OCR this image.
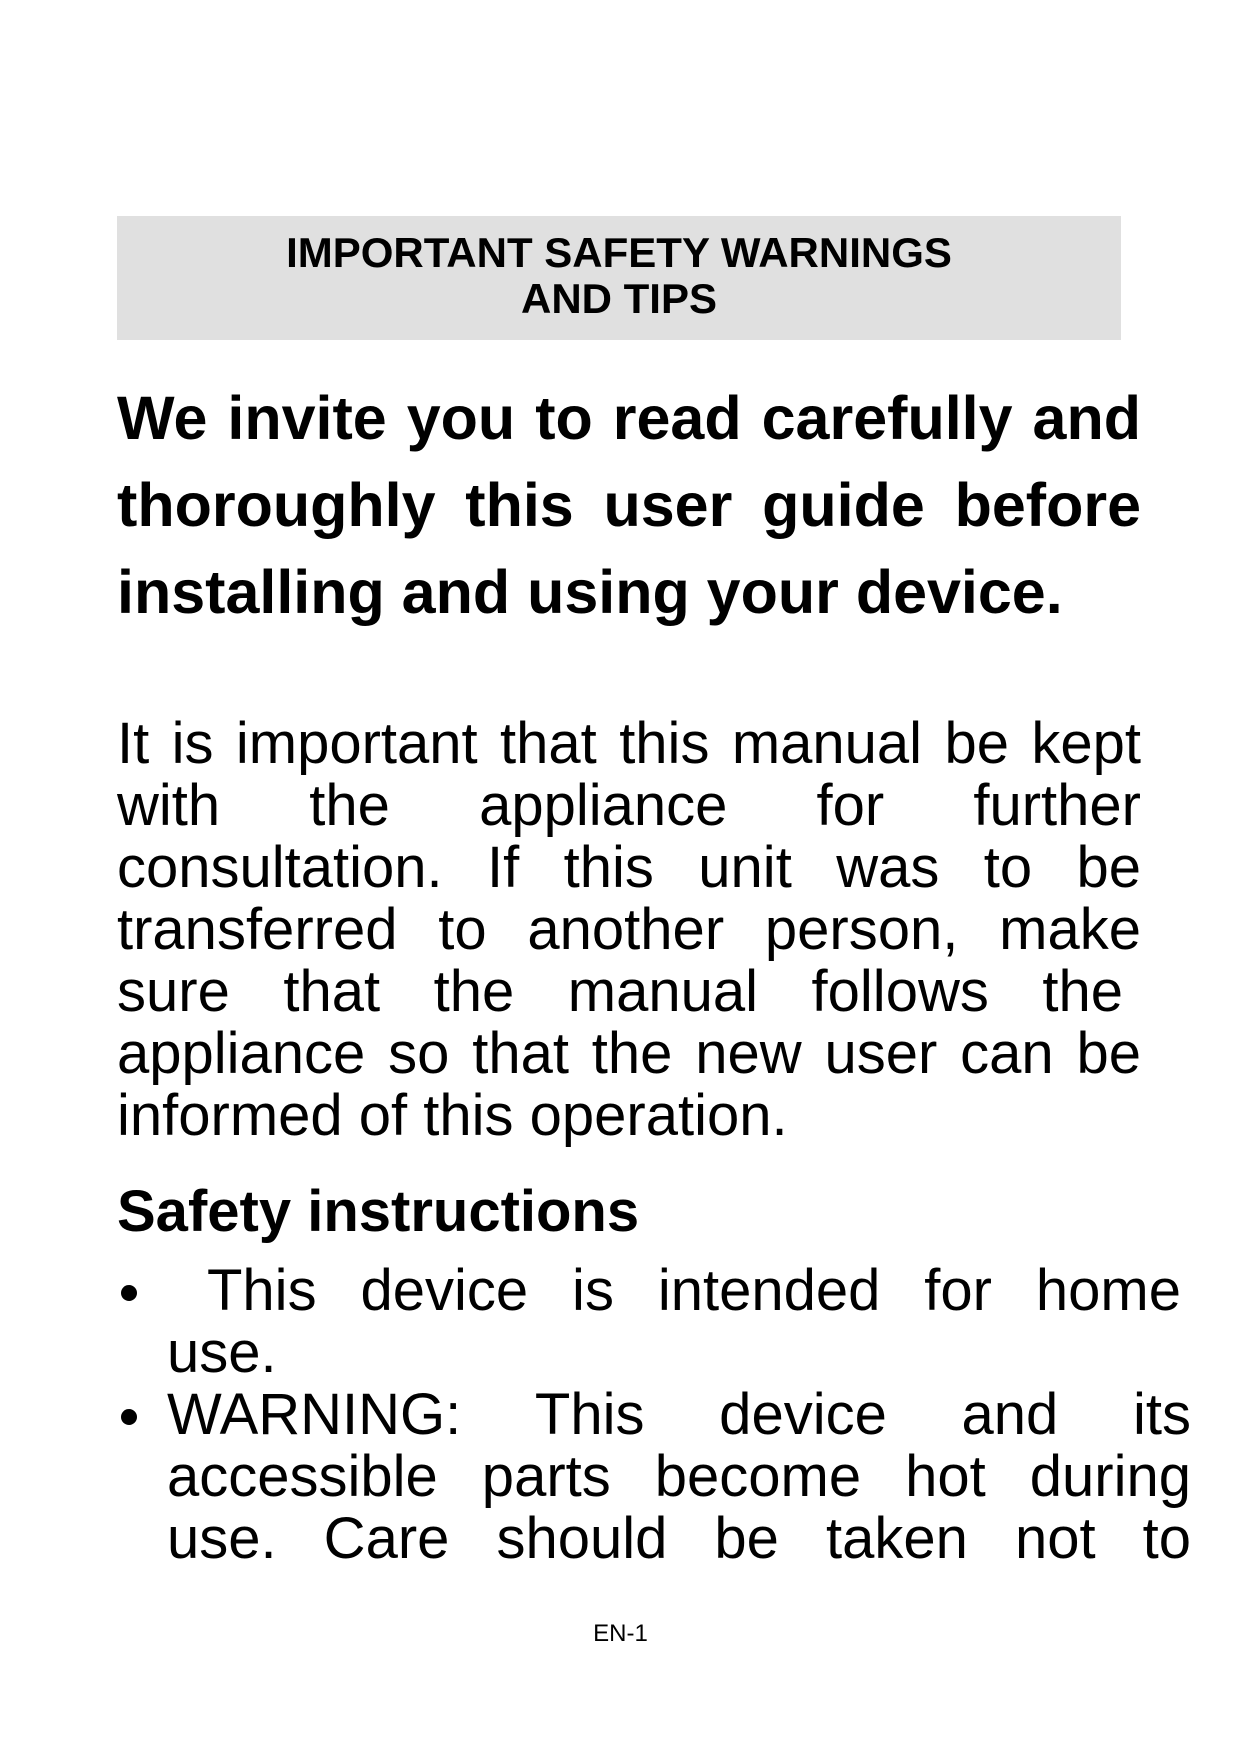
IMPORTANT SAFETY WARNINGS
AND TIPS

We invite you to read carefully and
thoroughly this user guide before
installing and using your device.

It is important that this manual be kept
with the appliance for further
consultation. If this unit was to be
transferred to another person, make
sure that the manual follows the
appliance so that the new user can be
informed of this operation.

Safety instructions
This device is intended for home
use.
WARNING: This device and its
accessible parts become hot during
use. Care should be taken not to
EN-1
